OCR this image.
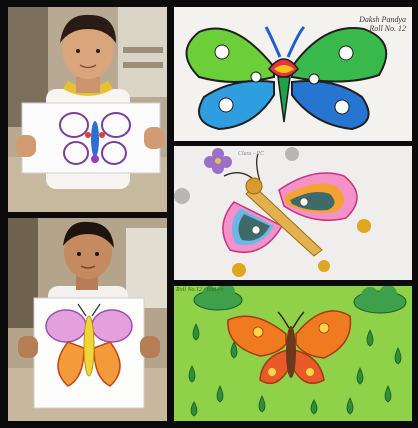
Daksh Pandya
Roll No. 12
Class - PC
Roll No.12 · Radiya
